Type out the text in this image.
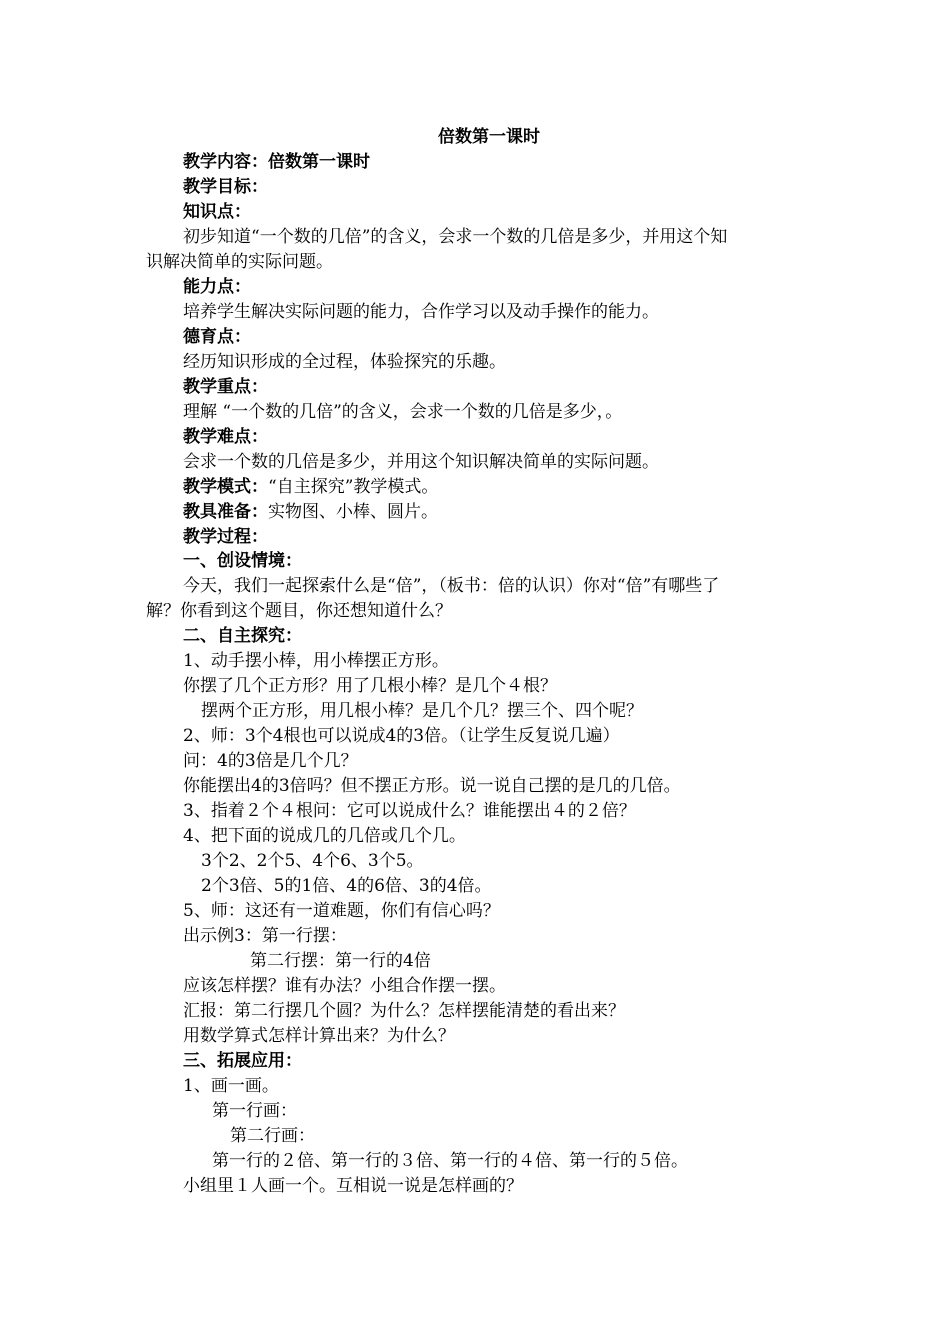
倍数第一课时
教学内容：倍数第一课时
教学目标：
知识点：
初步知道“一个数的几倍”的含义，会求一个数的几倍是多少，并用这个知
识解决简单的实际问题。
能力点：
培养学生解决实际问题的能力，合作学习以及动手操作的能力。
德育点：
经历知识形成的全过程，体验探究的乐趣。
教学重点：
理解 “一个数的几倍”的含义，会求一个数的几倍是多少，。
教学难点：
会求一个数的几倍是多少，并用这个知识解决简单的实际问题。
教学模式：“自主探究”教学模式。
教具准备：实物图、小棒、圆片。
教学过程：
一、创设情境：
今天，我们一起探索什么是“倍”，（板书：倍的认识）你对“倍”有哪些了
解？你看到这个题目，你还想知道什么？
二、自主探究：
1、动手摆小棒，用小棒摆正方形。
你摆了几个正方形？用了几根小棒？是几个４根？
摆两个正方形，用几根小棒？是几个几？摆三个、四个呢？
2、师：3个4根也可以说成4的3倍。（让学生反复说几遍）
问：4的3倍是几个几？
你能摆出4的3倍吗？但不摆正方形。说一说自己摆的是几的几倍。
3、指着２个４根问：它可以说成什么？谁能摆出４的２倍？
4、把下面的说成几的几倍或几个几。
3个2、2个5、4个6、3个5。
2个3倍、5的1倍、4的6倍、3的4倍。
5、师：这还有一道难题，你们有信心吗？
出示例3：第一行摆：
第二行摆：第一行的4倍
应该怎样摆？谁有办法？小组合作摆一摆。
汇报：第二行摆几个圆？为什么？怎样摆能清楚的看出来？
用数学算式怎样计算出来？为什么？
三、拓展应用：
1、画一画。
第一行画：
第二行画：
第一行的２倍、第一行的３倍、第一行的４倍、第一行的５倍。
小组里１人画一个。互相说一说是怎样画的？
